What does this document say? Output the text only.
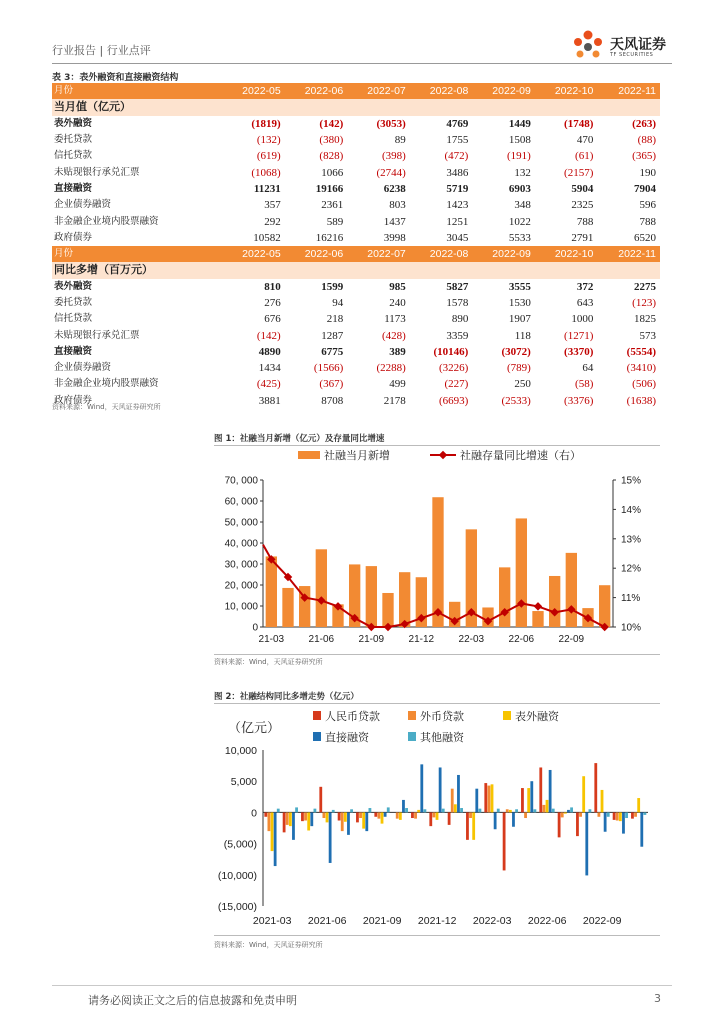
行业报告 | 行业点评	天风证券
TF SECURITIES
表 3：表外融资和直接融资结构
月份	2022-05	2022-06	2022-07	2022-08	2022-09	2022-10	2022-11
当月值（亿元）							
表外融资	(1819)	(142)	(3053)	4769	1449	(1748)	(263)
委托贷款	(132)	(380)	89	1755	1508	470	(88)
信托贷款	(619)	(828)	(398)	(472)	(191)	(61)	(365)
未贴现银行承兑汇票	(1068)	1066	(2744)	3486	132	(2157)	190
直接融资	11231	19166	6238	5719	6903	5904	7904
企业债券融资	357	2361	803	1423	348	2325	596
非金融企业境内股票融资	292	589	1437	1251	1022	788	788
政府债券	10582	16216	3998	3045	5533	2791	6520
月份	2022-05	2022-06	2022-07	2022-08	2022-09	2022-10	2022-11
同比多增（百万元）							
表外融资	810	1599	985	5827	3555	372	2275
委托贷款	276	94	240	1578	1530	643	(123)
信托贷款	676	218	1173	890	1907	1000	1825
未贴现银行承兑汇票	(142)	1287	(428)	3359	118	(1271)	573
直接融资	4890	6775	389	(10146)	(3072)	(3370)	(5554)
企业债券融资	1434	(1566)	(2288)	(3226)	(789)	64	(3410)
非金融企业境内股票融资	(425)	(367)	499	(227)	250	(58)	(506)
政府债券	3881	8708	2178	(6693)	(2533)	(3376)	(1638)
资料来源：Wind，天风证券研究所
图 1：社融当月新增（亿元）及存量同比增速
0
10, 000
20, 000
30, 000
40, 000
50, 000
60, 000
70, 000
10%
11%
12%
13%
14%
15%
21-03 21-06 21-09 21-12 22-03 22-06 22-09
社融当月新增	社融存量同比增速（右）
资料来源：Wind，天风证券研究所
图 2：社融结构同比多增走势（亿元）
10,000
5,000
0
(5,000)
(10,000)
(15,000)
2021-03 2021-06 2021-09 2021-12 2022-03 2022-06 2022-09
（亿元）
人民币贷款	外币贷款	表外融资
直接融资	其他融资
资料来源：Wind，天风证券研究所
请务必阅读正文之后的信息披露和免责申明	3
